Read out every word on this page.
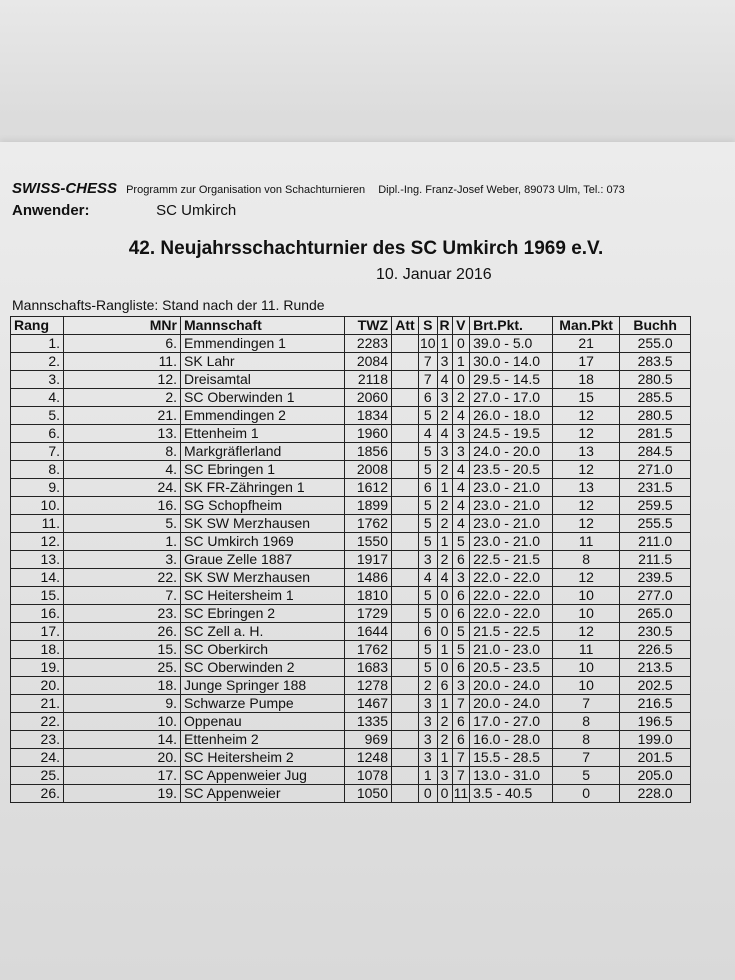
SWISS-CHESS Programm zur Organisation von Schachturnieren Dipl.-Ing. Franz-Josef Weber, 89073 Ulm, Tel.: 073
Anwender:	SC Umkirch
42. Neujahrsschachturnier des SC Umkirch 1969 e.V.
10. Januar 2016
Mannschafts-Rangliste: Stand nach der 11. Runde
Rang	MNr	Mannschaft	TWZ	Att	S	R	V	Brt.Pkt.	Man.Pkt	Buchh
1.	6.	Emmendingen 1	2283		10	1	0	39.0 - 5.0	21	255.0
2.	11.	SK Lahr	2084		7	3	1	30.0 - 14.0	17	283.5
3.	12.	Dreisamtal	2118		7	4	0	29.5 - 14.5	18	280.5
4.	2.	SC Oberwinden 1	2060		6	3	2	27.0 - 17.0	15	285.5
5.	21.	Emmendingen 2	1834		5	2	4	26.0 - 18.0	12	280.5
6.	13.	Ettenheim 1	1960		4	4	3	24.5 - 19.5	12	281.5
7.	8.	Markgräflerland	1856		5	3	3	24.0 - 20.0	13	284.5
8.	4.	SC Ebringen 1	2008		5	2	4	23.5 - 20.5	12	271.0
9.	24.	SK FR-Zähringen 1	1612		6	1	4	23.0 - 21.0	13	231.5
10.	16.	SG Schopfheim	1899		5	2	4	23.0 - 21.0	12	259.5
11.	5.	SK SW Merzhausen	1762		5	2	4	23.0 - 21.0	12	255.5
12.	1.	SC Umkirch 1969	1550		5	1	5	23.0 - 21.0	11	211.0
13.	3.	Graue Zelle 1887	1917		3	2	6	22.5 - 21.5	8	211.5
14.	22.	SK SW Merzhausen	1486		4	4	3	22.0 - 22.0	12	239.5
15.	7.	SC Heitersheim 1	1810		5	0	6	22.0 - 22.0	10	277.0
16.	23.	SC Ebringen 2	1729		5	0	6	22.0 - 22.0	10	265.0
17.	26.	SC Zell a. H.	1644		6	0	5	21.5 - 22.5	12	230.5
18.	15.	SC Oberkirch	1762		5	1	5	21.0 - 23.0	11	226.5
19.	25.	SC Oberwinden 2	1683		5	0	6	20.5 - 23.5	10	213.5
20.	18.	Junge Springer 188	1278		2	6	3	20.0 - 24.0	10	202.5
21.	9.	Schwarze Pumpe	1467		3	1	7	20.0 - 24.0	7	216.5
22.	10.	Oppenau	1335		3	2	6	17.0 - 27.0	8	196.5
23.	14.	Ettenheim 2	969		3	2	6	16.0 - 28.0	8	199.0
24.	20.	SC Heitersheim 2	1248		3	1	7	15.5 - 28.5	7	201.5
25.	17.	SC Appenweier Jug	1078		1	3	7	13.0 - 31.0	5	205.0
26.	19.	SC Appenweier	1050		0	0	11	3.5 - 40.5	0	228.0
